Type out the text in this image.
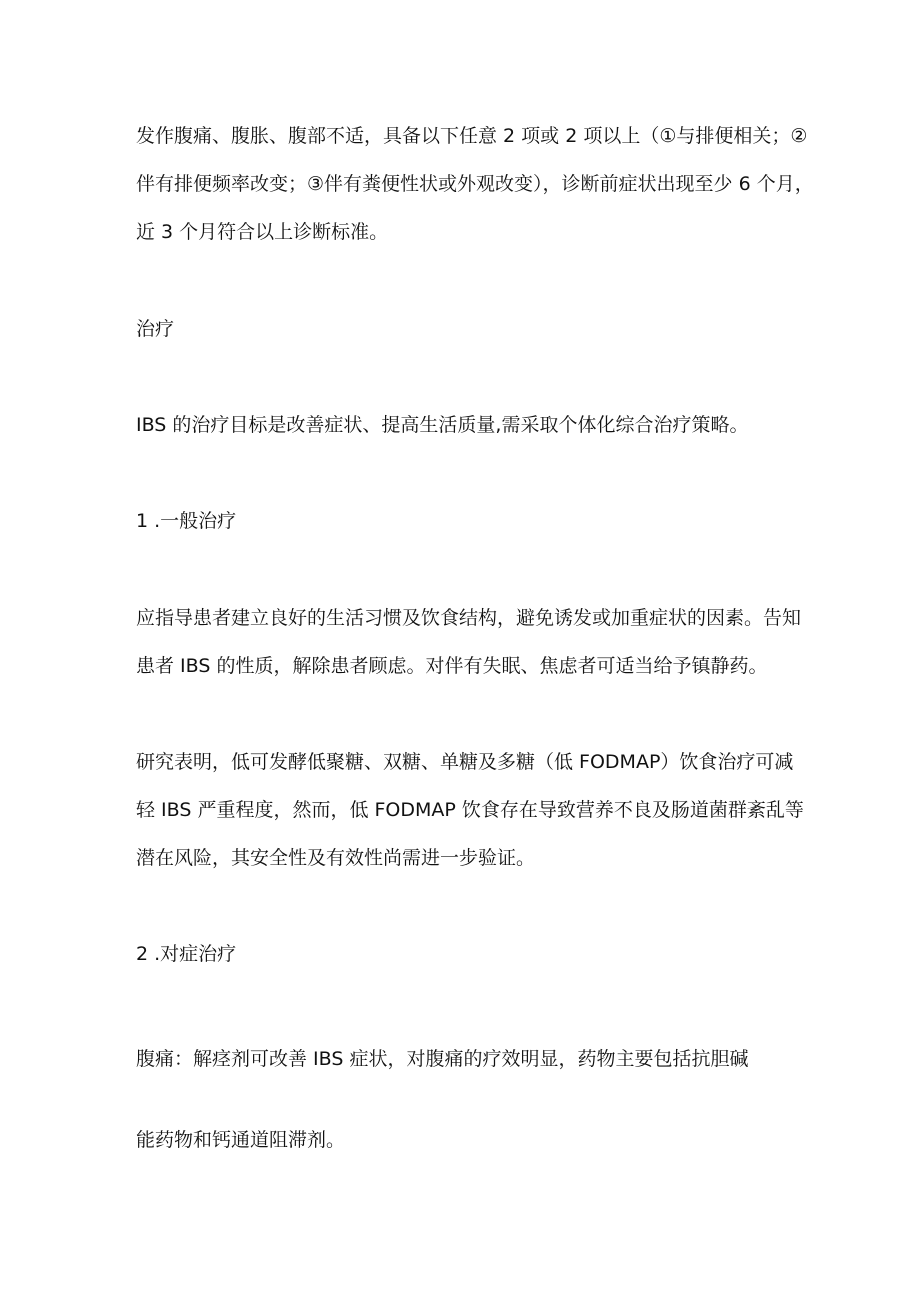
发作腹痛、腹胀、腹部不适，具备以下任意 2 项或 2 项以上（①与排便相关；②
伴有排便频率改变；③伴有粪便性状或外观改变），诊断前症状出现至少 6 个月，
近 3 个月符合以上诊断标准。
治疗
IBS 的治疗目标是改善症状、提高生活质量,需采取个体化综合治疗策略。
1 .一般治疗
应指导患者建立良好的生活习惯及饮食结构，避免诱发或加重症状的因素。告知
患者 IBS 的性质，解除患者顾虑。对伴有失眠、焦虑者可适当给予镇静药。
研究表明，低可发酵低聚糖、双糖、单糖及多糖（低 FODMAP）饮食治疗可减
轻 IBS 严重程度，然而，低 FODMAP 饮食存在导致营养不良及肠道菌群紊乱等
潜在风险，其安全性及有效性尚需进一步验证。
2 .对症治疗
腹痛：解痉剂可改善 IBS 症状，对腹痛的疗效明显，药物主要包括抗胆碱
能药物和钙通道阻滞剂。
